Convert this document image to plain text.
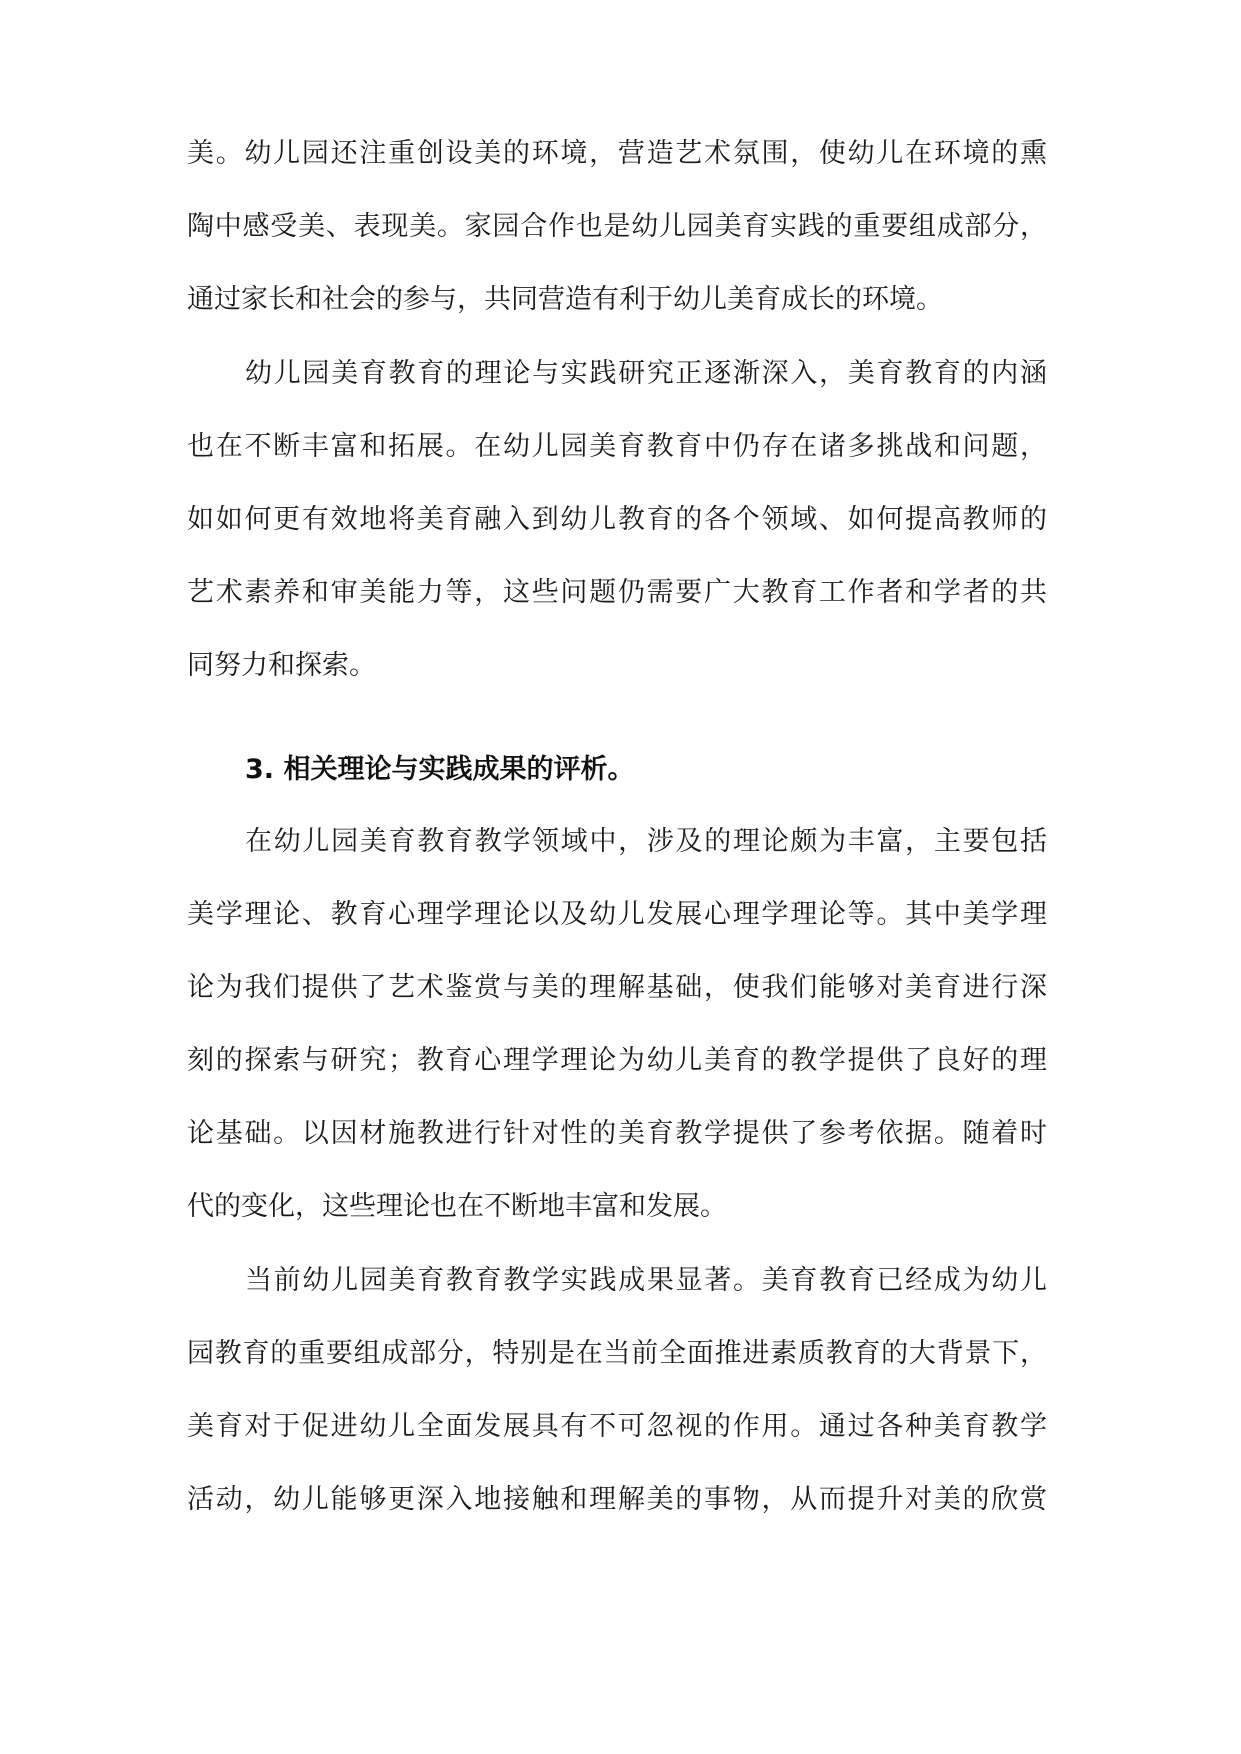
美。幼儿园还注重创设美的环境，营造艺术氛围，使幼儿在环境的熏
陶中感受美、表现美。家园合作也是幼儿园美育实践的重要组成部分，
通过家长和社会的参与，共同营造有利于幼儿美育成长的环境。
幼儿园美育教育的理论与实践研究正逐渐深入，美育教育的内涵
也在不断丰富和拓展。在幼儿园美育教育中仍存在诸多挑战和问题，
如如何更有效地将美育融入到幼儿教育的各个领域、如何提高教师的
艺术素养和审美能力等，这些问题仍需要广大教育工作者和学者的共
同努力和探索。
3. 相关理论与实践成果的评析。
在幼儿园美育教育教学领域中，涉及的理论颇为丰富，主要包括
美学理论、教育心理学理论以及幼儿发展心理学理论等。其中美学理
论为我们提供了艺术鉴赏与美的理解基础，使我们能够对美育进行深
刻的探索与研究；教育心理学理论为幼儿美育的教学提供了良好的理
论基础。以因材施教进行针对性的美育教学提供了参考依据。随着时
代的变化，这些理论也在不断地丰富和发展。
当前幼儿园美育教育教学实践成果显著。美育教育已经成为幼儿
园教育的重要组成部分，特别是在当前全面推进素质教育的大背景下，
美育对于促进幼儿全面发展具有不可忽视的作用。通过各种美育教学
活动，幼儿能够更深入地接触和理解美的事物，从而提升对美的欣赏
